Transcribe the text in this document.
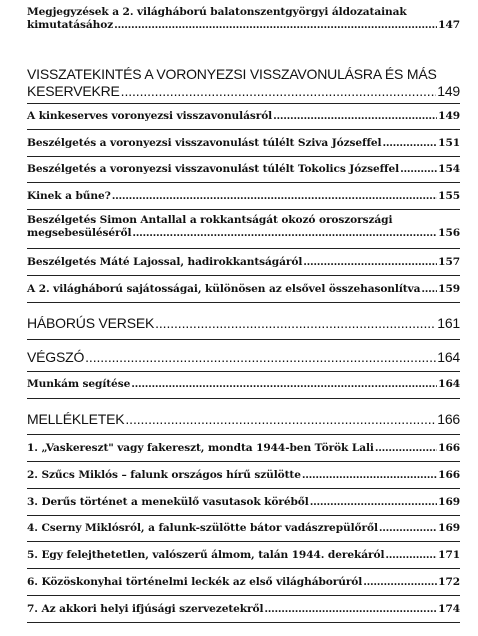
Megjegyzések a 2. világháború balatonszentgyörgyi áldozatainak
kimutatásához . . .	147
VISSZATEKINTÉS A VORONYEZSI VISSZAVONULÁSRA ÉS MÁS
KESERVEKRE . . .	149
A kinkeserves voronyezsi visszavonulásról . . .	149
Beszélgetés a voronyezsi visszavonulást túlélt Sziva Józseffel . . .	151
Beszélgetés a voronyezsi visszavonulást túlélt Tokolics Józseffel . . .	154
Kinek a bűne? . . .	155
Beszélgetés Simon Antallal a rokkantságát okozó oroszországi
megsebesüléséről . . .	156
Beszélgetés Máté Lajossal, hadirokkantságáról . . .	157
A 2. világháború sajátosságai, különösen az elsővel összehasonlítva . . . 159
HÁBORÚS VERSEK . . .	161
VÉGSZÓ . . .	164
Munkám segítése . . .	164
MELLÉKLETEK . . .	166
1. „Vaskereszt" vagy fakereszt, mondta 1944-ben Török Lali . . .	166
2. Szűcs Miklós – falunk országos hírű szülötte . . .	166
3. Derűs történet a menekülő vasutasok köréből . . .	169
4. Cserny Miklósról, a falunk-szülötte bátor vadászrepülőről . . .	169
5. Egy felejthetetlen, valószerű álmom, talán 1944. derekáról . . .	171
6. Közöskonyhai történelmi leckék az első világháborúról . . .	172
7. Az akkori helyi ifjúsági szervezetekről . . .	174
